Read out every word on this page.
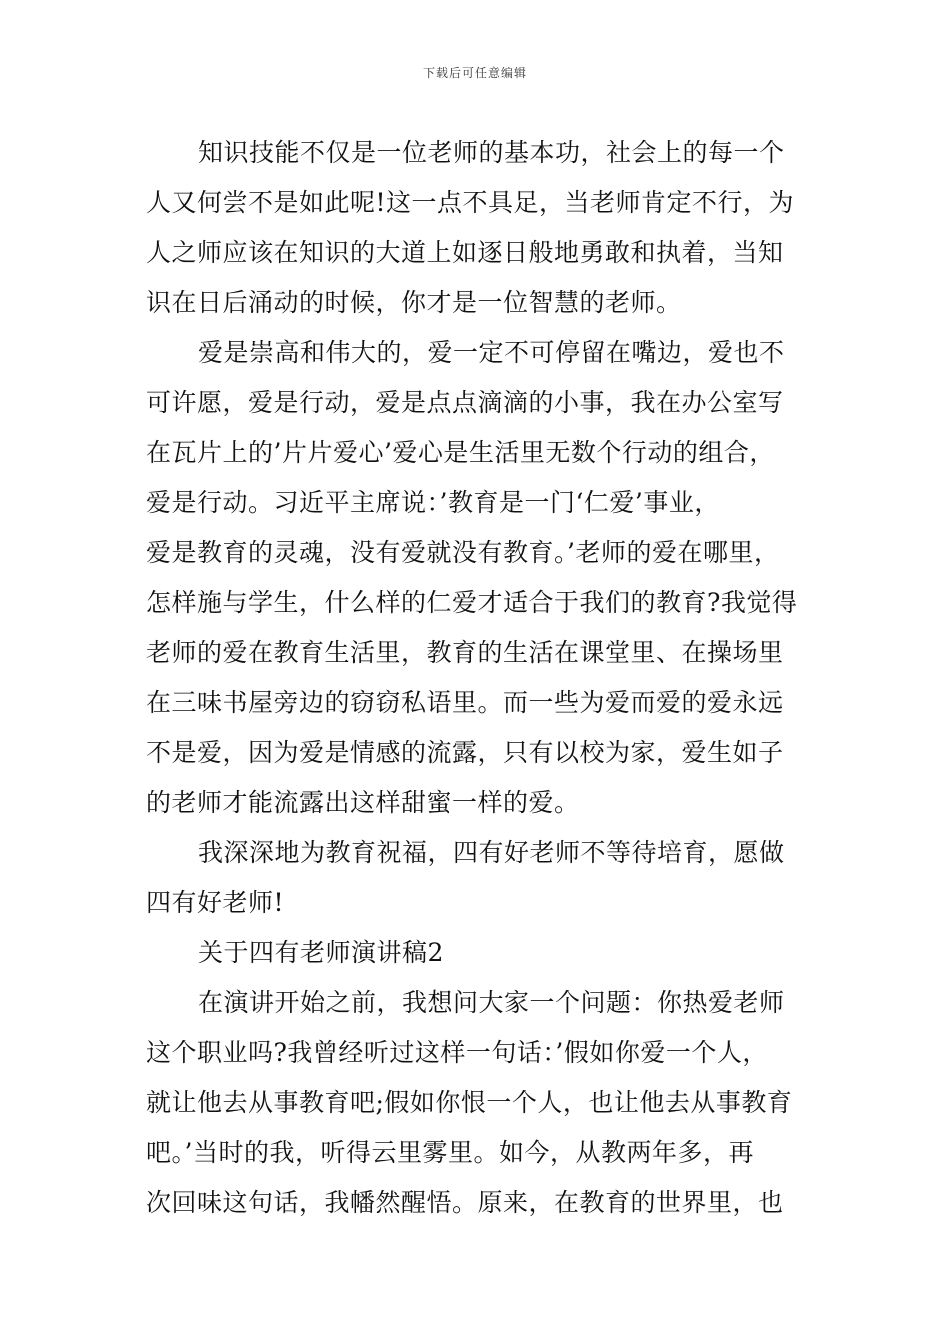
下载后可任意编辑
知识技能不仅是一位老师的基本功，社会上的每一个
人又何尝不是如此呢!这一点不具足，当老师肯定不行，为
人之师应该在知识的大道上如逐日般地勇敢和执着，当知
识在日后涌动的时候，你才是一位智慧的老师。
爱是崇高和伟大的，爱一定不可停留在嘴边，爱也不
可许愿，爱是行动，爱是点点滴滴的小事，我在办公室写
在瓦片上的’片片爱心’爱心是生活里无数个行动的组合，
爱是行动。习近平主席说：’教育是一门‘仁爱’事业，
爱是教育的灵魂，没有爱就没有教育。’老师的爱在哪里，
怎样施与学生，什么样的仁爱才适合于我们的教育?我觉得
老师的爱在教育生活里，教育的生活在课堂里、在操场里
在三味书屋旁边的窃窃私语里。而一些为爱而爱的爱永远
不是爱，因为爱是情感的流露，只有以校为家，爱生如子
的老师才能流露出这样甜蜜一样的爱。
我深深地为教育祝福，四有好老师不等待培育，愿做
四有好老师!
关于四有老师演讲稿2
在演讲开始之前，我想问大家一个问题：你热爱老师
这个职业吗?我曾经听过这样一句话：’假如你爱一个人，
就让他去从事教育吧;假如你恨一个人，也让他去从事教育
吧。’当时的我，听得云里雾里。如今，从教两年多，再
次回味这句话，我幡然醒悟。原来，在教育的世界里，也
